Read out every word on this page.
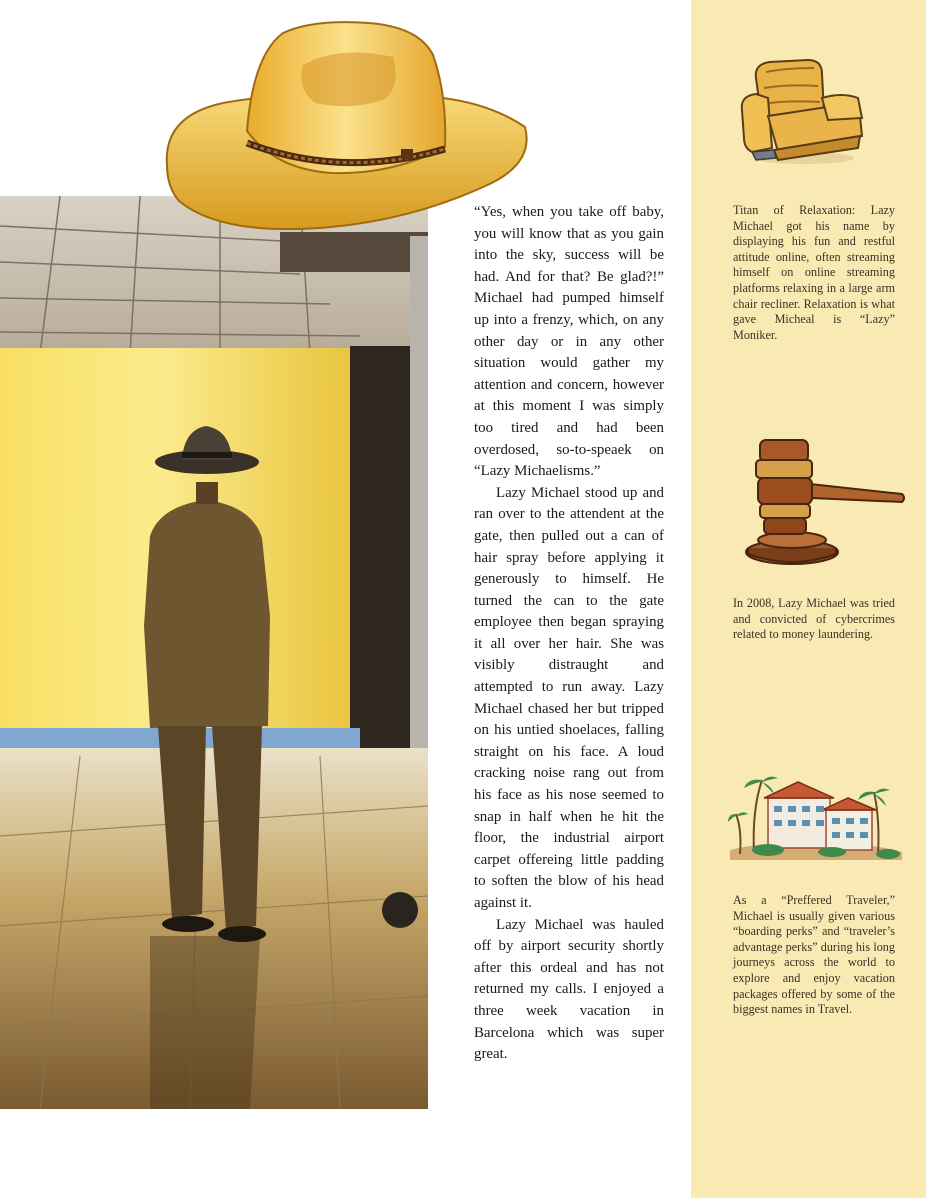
Titan of Relaxation: Lazy Michael got his name by displaying his fun and restful attitude online, often streaming himself on online streaming platforms relaxing in a large arm chair recliner. Relaxation is what gave Micheal is “Lazy” Moniker.

In 2008, Lazy Michael was tried and convicted of cybercrimes related to money laundering.

As a “Preffered Traveler,” Michael is usually given various “boarding perks” and “traveler’s advantage perks” during his long journeys across the world to explore and enjoy vacation packages offered by some of the biggest names in Travel.

“Yes, when you take off baby, you will know that as you gain into the sky, success will be had. And for that? Be glad?!” Michael had pumped himself up into a frenzy, which, on any other day or in any other situation would gather my attention and concern, however at this moment I was simply too tired and had been overdosed, so-to-speaek on “Lazy Michaelisms.”

Lazy Michael stood up and ran over to the attendent at the gate, then pulled out a can of hair spray before applying it generously to himself. He turned the can to the gate employee then began spraying it all over her hair. She was visibly distraught and attempted to run away. Lazy Michael chased her but tripped on his untied shoelaces, falling straight on his face. A loud cracking noise rang out from his face as his nose seemed to snap in half when he hit the floor, the industrial airport carpet offereing little padding to soften the blow of his head against it.

Lazy Michael was hauled off by airport security shortly after this ordeal and has not returned my calls. I enjoyed a three week vacation in Barcelona which was super great.
